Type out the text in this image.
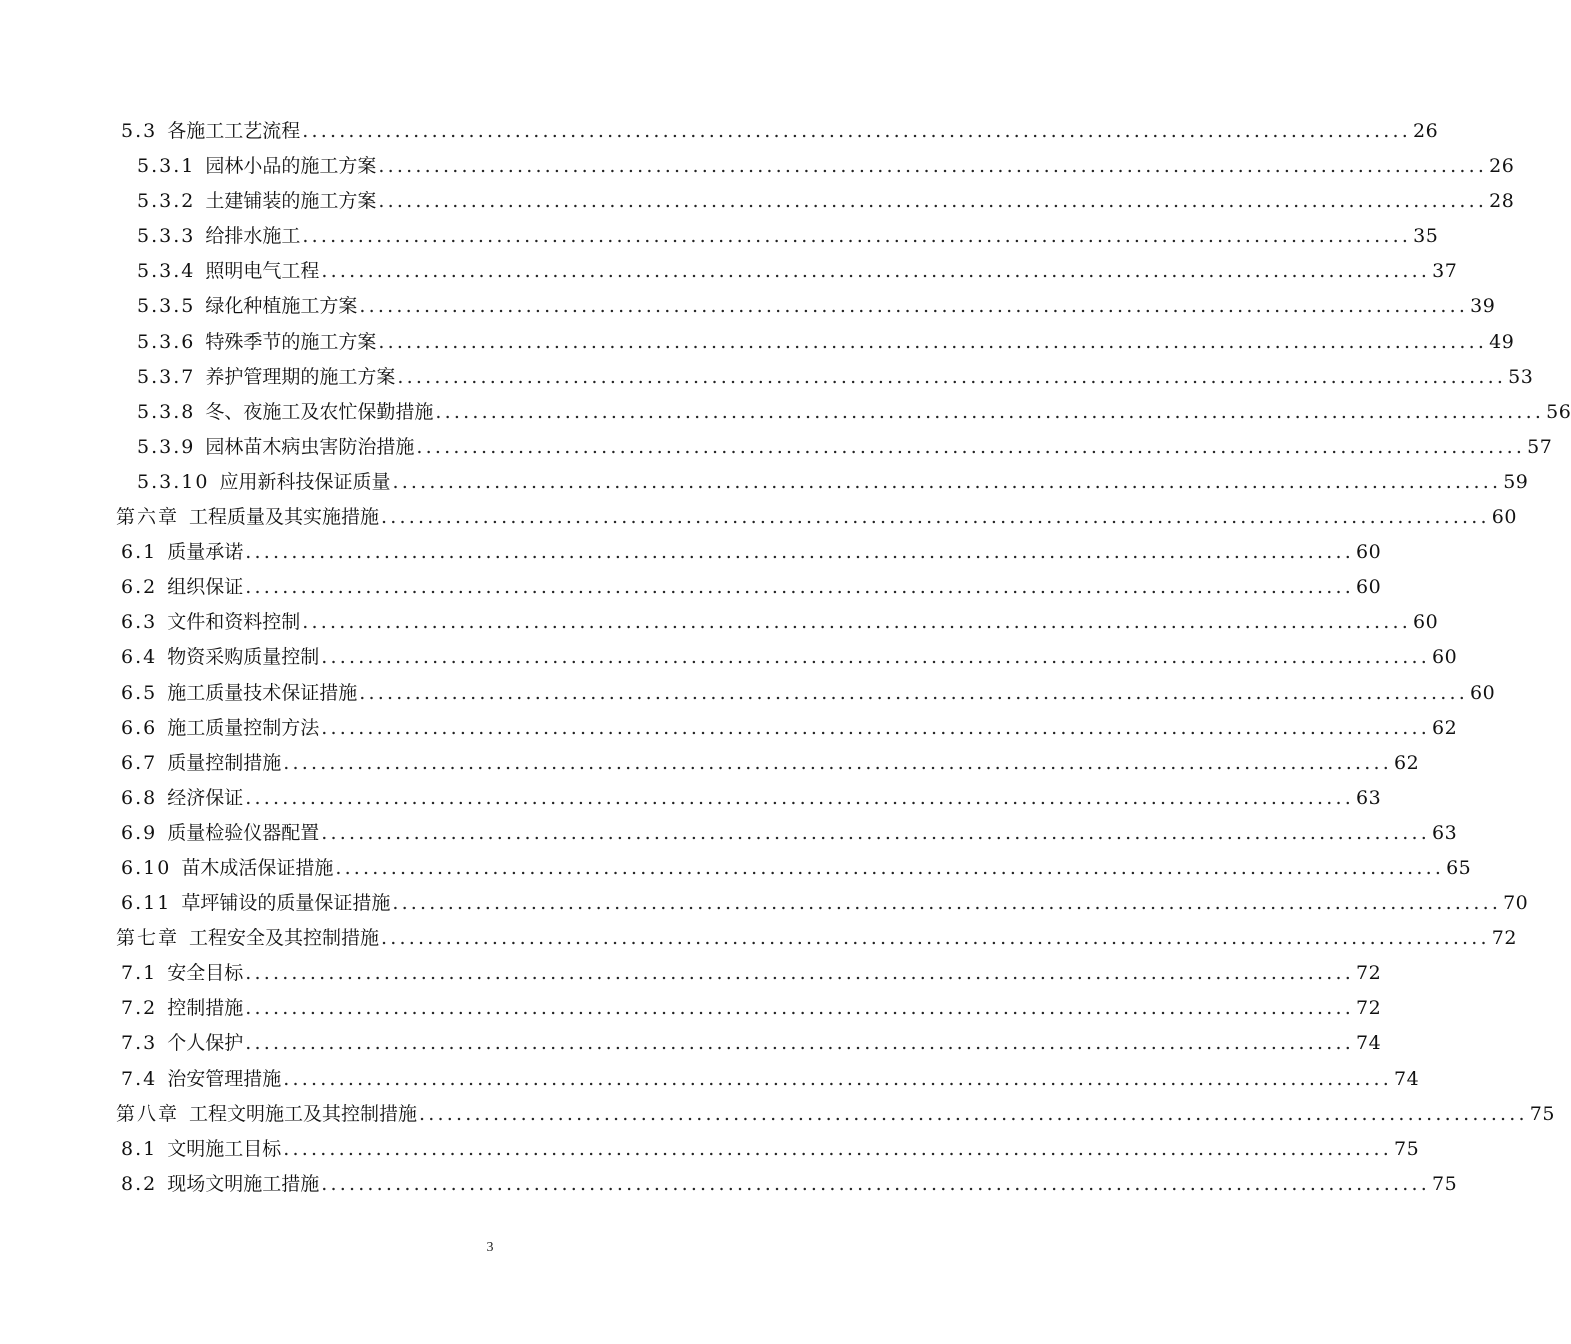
5.3 各施工工艺流程 ........................................................................................................................ 26
5.3.1 园林小品的施工方案 ........................................................................................................................ 26
5.3.2 土建铺装的施工方案 ........................................................................................................................ 28
5.3.3 给排水施工 ........................................................................................................................ 35
5.3.4 照明电气工程 ........................................................................................................................ 37
5.3.5 绿化种植施工方案 ........................................................................................................................ 39
5.3.6 特殊季节的施工方案 ........................................................................................................................ 49
5.3.7 养护管理期的施工方案 ........................................................................................................................ 53
5.3.8 冬、夜施工及农忙保勤措施 ........................................................................................................................ 56
5.3.9 园林苗木病虫害防治措施 ........................................................................................................................ 57
5.3.10 应用新科技保证质量 ........................................................................................................................ 59
第六章 工程质量及其实施措施 ........................................................................................................................ 60
6.1 质量承诺 ........................................................................................................................ 60
6.2 组织保证 ........................................................................................................................ 60
6.3 文件和资料控制 ........................................................................................................................ 60
6.4 物资采购质量控制 ........................................................................................................................ 60
6.5 施工质量技术保证措施 ........................................................................................................................ 60
6.6 施工质量控制方法 ........................................................................................................................ 62
6.7 质量控制措施 ........................................................................................................................ 62
6.8 经济保证 ........................................................................................................................ 63
6.9 质量检验仪器配置 ........................................................................................................................ 63
6.10 苗木成活保证措施 ........................................................................................................................ 65
6.11 草坪铺设的质量保证措施 ........................................................................................................................ 70
第七章 工程安全及其控制措施 ........................................................................................................................ 72
7.1 安全目标 ........................................................................................................................ 72
7.2 控制措施 ........................................................................................................................ 72
7.3 个人保护 ........................................................................................................................ 74
7.4 治安管理措施 ........................................................................................................................ 74
第八章 工程文明施工及其控制措施 ........................................................................................................................ 75
8.1 文明施工目标 ........................................................................................................................ 75
8.2 现场文明施工措施 ........................................................................................................................ 75
3
